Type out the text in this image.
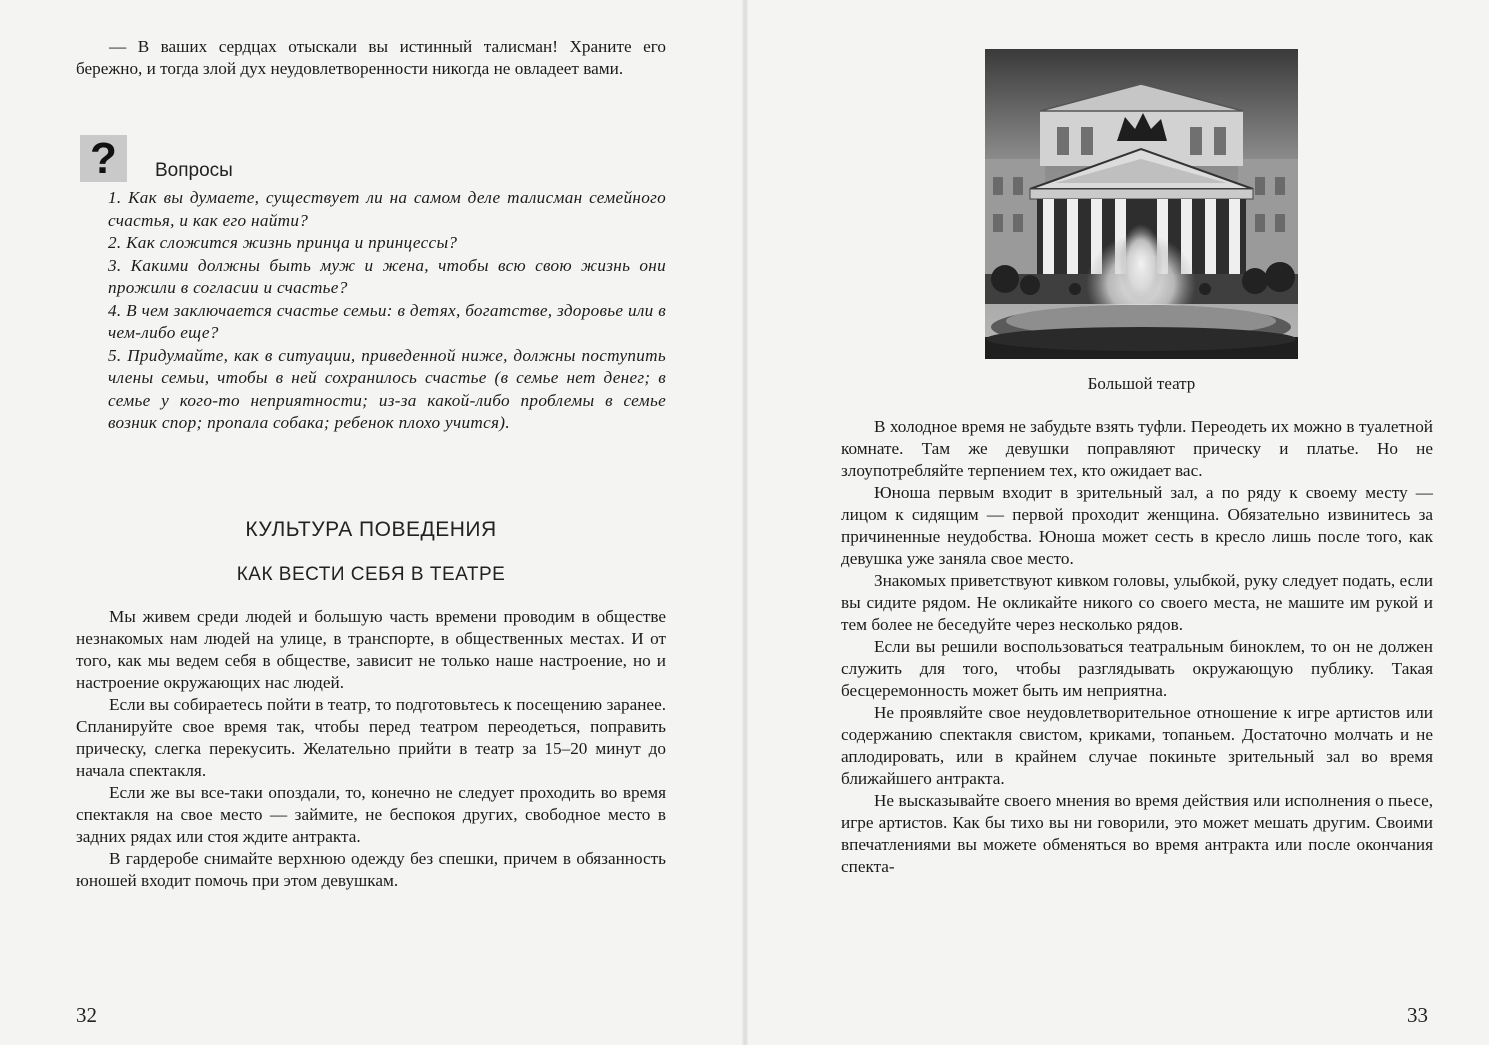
— В ваших сердцах отыскали вы истинный талисман! Храните его бережно, и тогда злой дух неудовлетворенности никогда не овладеет вами.

?	Вопросы
1. Как вы думаете, существует ли на самом деле талисман семейного счастья, и как его найти?
2. Как сложится жизнь принца и принцессы?
3. Какими должны быть муж и жена, чтобы всю свою жизнь они прожили в согласии и счастье?
4. В чем заключается счастье семьи: в детях, богатстве, здоровье или в чем-либо еще?
5. Придумайте, как в ситуации, приведенной ниже, должны поступить члены семьи, чтобы в ней сохранилось счастье (в семье нет денег; в семье у кого-то неприятности; из-за какой-либо проблемы в семье возник спор; пропала собака; ребенок плохо учится).
КУЛЬТУРА ПОВЕДЕНИЯ
КАК ВЕСТИ СЕБЯ В ТЕАТРЕ

Мы живем среди людей и большую часть времени проводим в обществе незнакомых нам людей на улице, в транспорте, в общественных местах. И от того, как мы ведем себя в обществе, зависит не только наше настроение, но и настроение окружающих нас людей.

Если вы собираетесь пойти в театр, то подготовьтесь к посещению заранее. Спланируйте свое время так, чтобы перед театром переодеться, поправить прическу, слегка перекусить. Желательно прийти в театр за 15–20 минут до начала спектакля.

Если же вы все-таки опоздали, то, конечно не следует проходить во время спектакля на свое место — займите, не беспокоя других, свободное место в задних рядах или стоя ждите антракта.

В гардеробе снимайте верхнюю одежду без спешки, причем в обязанность юношей входит помочь при этом девушкам.

32
Большой театр

В холодное время не забудьте взять туфли. Переодеть их можно в туалетной комнате. Там же девушки поправляют прическу и платье. Но не злоупотребляйте терпением тех, кто ожидает вас.

Юноша первым входит в зрительный зал, а по ряду к своему месту — лицом к сидящим — первой проходит женщина. Обязательно извинитесь за причиненные неудобства. Юноша может сесть в кресло лишь после того, как девушка уже заняла свое место.

Знакомых приветствуют кивком головы, улыбкой, руку следует подать, если вы сидите рядом. Не окликайте никого со своего места, не машите им рукой и тем более не беседуйте через несколько рядов.

Если вы решили воспользоваться театральным биноклем, то он не должен служить для того, чтобы разглядывать окружающую публику. Такая бесцеремонность может быть им неприятна.

Не проявляйте свое неудовлетворительное отношение к игре артистов или содержанию спектакля свистом, криками, топаньем. Достаточно молчать и не аплодировать, или в крайнем случае покиньте зрительный зал во время ближайшего антракта.

Не высказывайте своего мнения во время действия или исполнения о пьесе, игре артистов. Как бы тихо вы ни говорили, это может мешать другим. Своими впечатлениями вы можете обменяться во время антракта или после окончания спекта-

33
